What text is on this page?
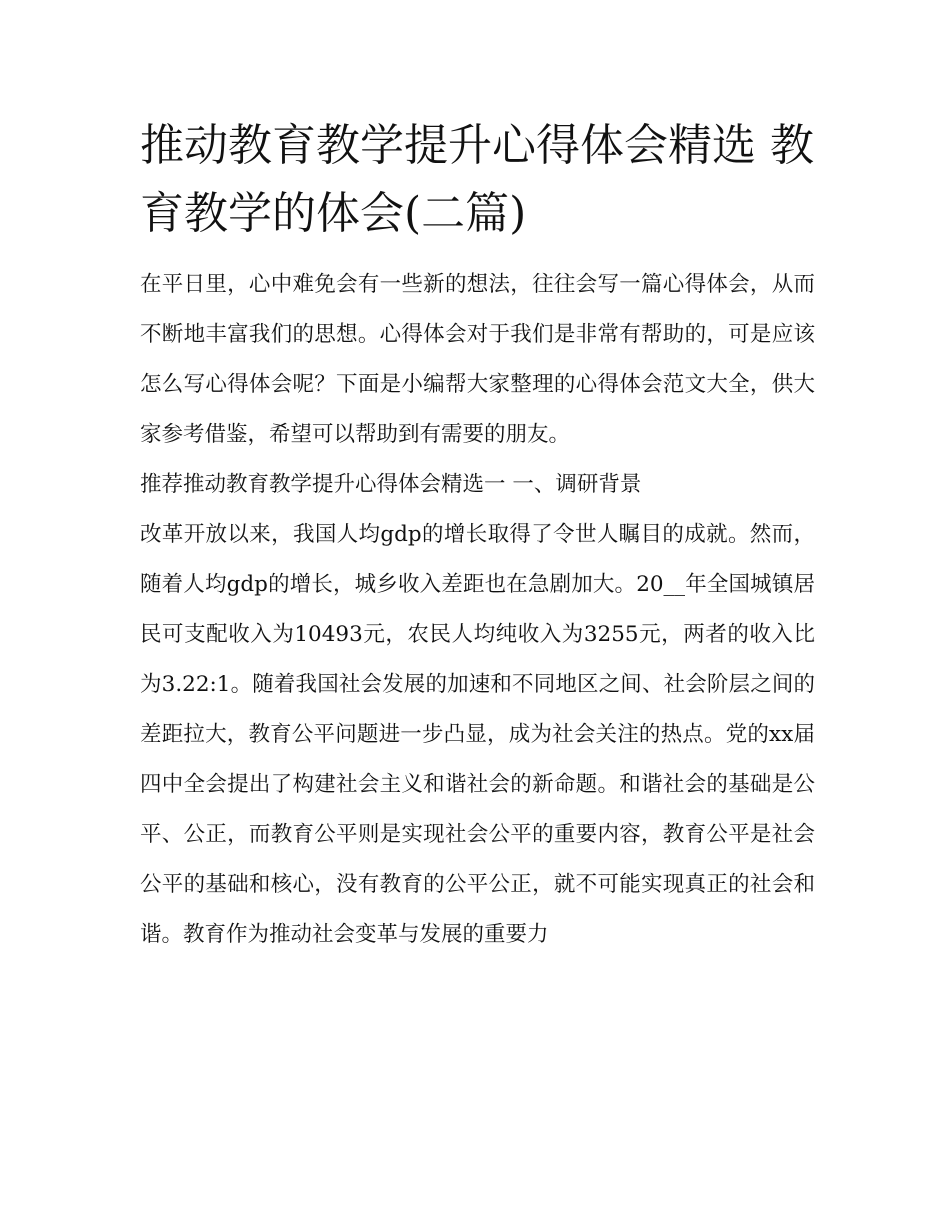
推动教育教学提升心得体会精选 教育教学的体会(二篇)

在平日里，心中难免会有一些新的想法，往往会写一篇心得体会，从而不断地丰富我们的思想。心得体会对于我们是非常有帮助的，可是应该怎么写心得体会呢？下面是小编帮大家整理的心得体会范文大全，供大家参考借鉴，希望可以帮助到有需要的朋友。

推荐推动教育教学提升心得体会精选一 一、调研背景

改革开放以来，我国人均gdp的增长取得了令世人瞩目的成就。然而，随着人均gdp的增长，城乡收入差距也在急剧加大。20__年全国城镇居民可支配收入为10493元，农民人均纯收入为3255元，两者的收入比为3.22:1。随着我国社会发展的加速和不同地区之间、社会阶层之间的差距拉大，教育公平问题进一步凸显，成为社会关注的热点。党的xx届四中全会提出了构建社会主义和谐社会的新命题。和谐社会的基础是公平、公正，而教育公平则是实现社会公平的重要内容，教育公平是社会公平的基础和核心，没有教育的公平公正，就不可能实现真正的社会和谐。教育作为推动社会变革与发展的重要力
